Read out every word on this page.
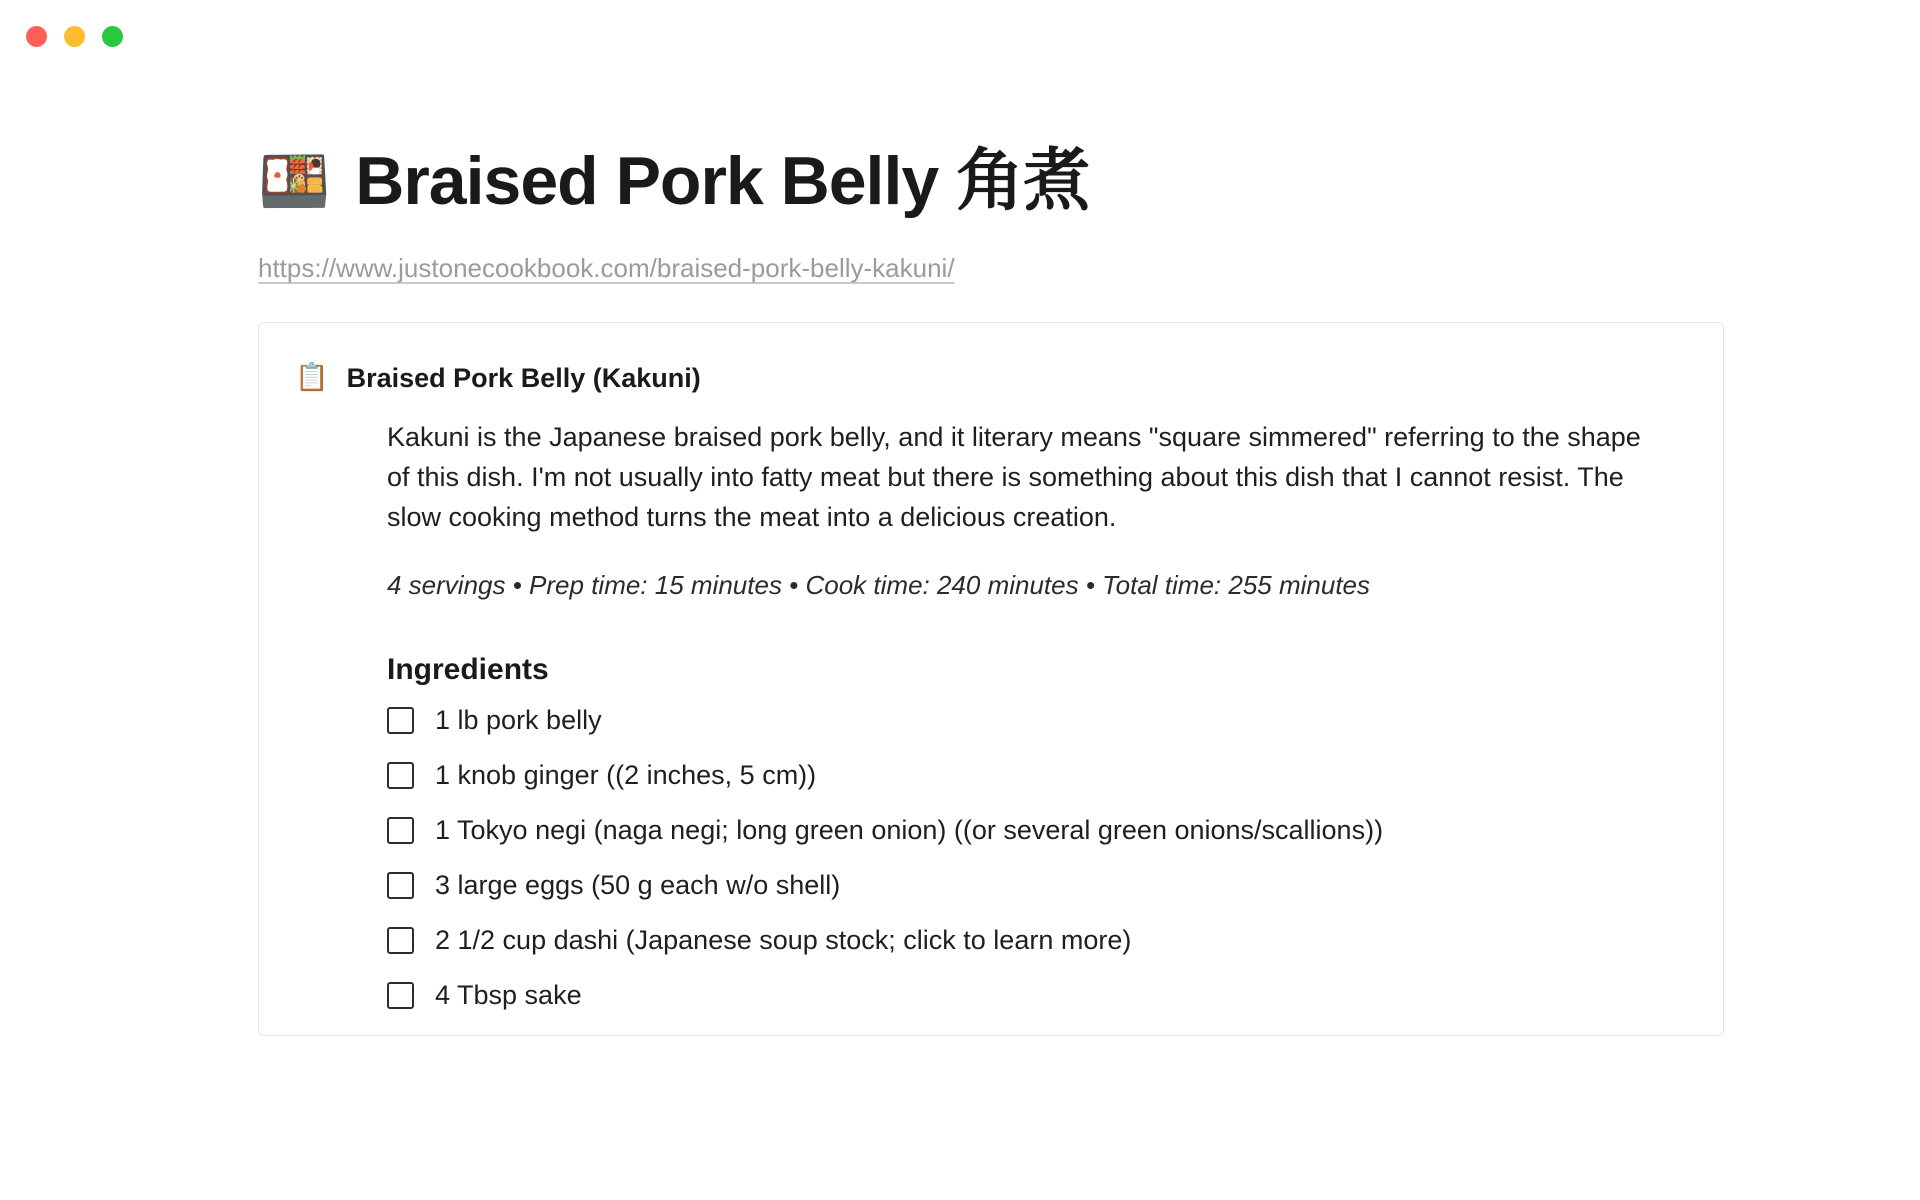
🍱 Braised Pork Belly 角煮
https://www.justonecookbook.com/braised-pork-belly-kakuni/
📋 Braised Pork Belly (Kakuni)
Kakuni is the Japanese braised pork belly, and it literary means "square simmered" referring to the shape of this dish. I'm not usually into fatty meat but there is something about this dish that I cannot resist. The slow cooking method turns the meat into a delicious creation.
4 servings • Prep time: 15 minutes • Cook time: 240 minutes • Total time: 255 minutes
Ingredients
1 lb pork belly
1 knob ginger ((2 inches, 5 cm))
1 Tokyo negi (naga negi; long green onion) ((or several green onions/scallions))
3 large eggs (50 g each w/o shell)
2 1/2 cup dashi (Japanese soup stock; click to learn more)
4 Tbsp sake
